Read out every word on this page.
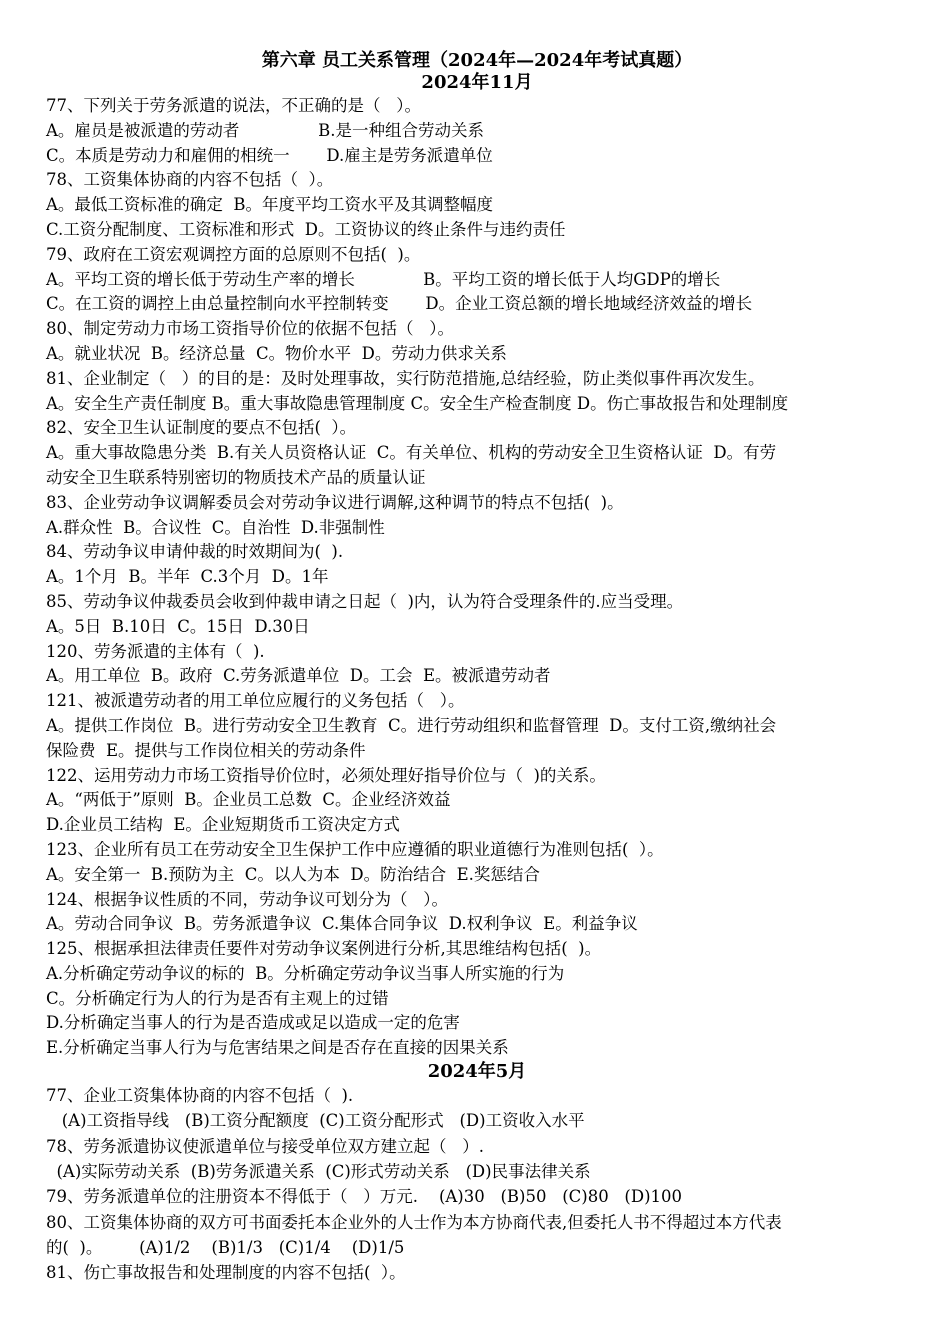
第六章 员工关系管理（2024年—2024年考试真题）
2024年11月

77、下列关于劳务派遣的说法，不正确的是（   ）。

A。雇员是被派遣的劳动者               B.是一种组合劳动关系

C。本质是劳动力和雇佣的相统一       D.雇主是劳务派遣单位

78、工资集体协商的内容不包括（  ）。

A。最低工资标准的确定  B。年度平均工资水平及其调整幅度

C.工资分配制度、工资标准和形式  D。工资协议的终止条件与违约责任

79、政府在工资宏观调控方面的总原则不包括(  )。

A。平均工资的增长低于劳动生产率的增长             B。平均工资的增长低于人均GDP的增长

C。在工资的调控上由总量控制向水平控制转变       D。企业工资总额的增长地域经济效益的增长

80、制定劳动力市场工资指导价位的依据不包括（   ）。

A。就业状况  B。经济总量  C。物价水平  D。劳动力供求关系

81、企业制定（   ）的目的是：及时处理事故，实行防范措施,总结经验，防止类似事件再次发生。

A。安全生产责任制度 B。重大事故隐患管理制度 C。安全生产检查制度 D。伤亡事故报告和处理制度

82、安全卫生认证制度的要点不包括(  ）。

A。重大事故隐患分类  B.有关人员资格认证  C。有关单位、机构的劳动安全卫生资格认证  D。有劳

动安全卫生联系特别密切的物质技术产品的质量认证

83、企业劳动争议调解委员会对劳动争议进行调解,这种调节的特点不包括(  )。

A.群众性  B。合议性  C。自治性  D.非强制性

84、劳动争议申请仲裁的时效期间为(  ).

A。1个月  B。半年  C.3个月  D。1年

85、劳动争议仲裁委员会收到仲裁申请之日起（  )内，认为符合受理条件的.应当受理。

A。5日  B.10日  C。15日  D.30日

120、劳务派遣的主体有（  ).

A。用工单位  B。政府  C.劳务派遣单位  D。工会  E。被派遣劳动者

121、被派遣劳动者的用工单位应履行的义务包括（   ）。

A。提供工作岗位  B。进行劳动安全卫生教育  C。进行劳动组织和监督管理  D。支付工资,缴纳社会

保险费  E。提供与工作岗位相关的劳动条件

122、运用劳动力市场工资指导价位时，必须处理好指导价位与（  )的关系。

A。“两低于”原则  B。企业员工总数  C。企业经济效益

D.企业员工结构  E。企业短期货币工资决定方式

123、企业所有员工在劳动安全卫生保护工作中应遵循的职业道德行为准则包括(  ）。

A。安全第一  B.预防为主  C。以人为本  D。防治结合  E.奖惩结合

124、根据争议性质的不同，劳动争议可划分为（   ）。

A。劳动合同争议  B。劳务派遣争议  C.集体合同争议  D.权利争议  E。利益争议

125、根据承担法律责任要件对劳动争议案例进行分析,其思维结构包括(  )。

A.分析确定劳动争议的标的  B。分析确定劳动争议当事人所实施的行为

C。分析确定行为人的行为是否有主观上的过错

D.分析确定当事人的行为是否造成或足以造成一定的危害

E.分析确定当事人行为与危害结果之间是否存在直接的因果关系

2024年5月

77、企业工资集体协商的内容不包括（  ).

(A)工资指导线   (B)工资分配额度  (C)工资分配形式   (D)工资收入水平

78、劳务派遣协议使派遣单位与接受单位双方建立起（   ）.

(A)实际劳动关系  (B)劳务派遣关系  (C)形式劳动关系   (D)民事法律关系

79、劳务派遣单位的注册资本不得低于（   ）万元.    (A)30   (B)50   (C)80   (D)100

80、工资集体协商的双方可书面委托本企业外的人士作为本方协商代表,但委托人书不得超过本方代表

的(  )。       (A)1/2    (B)1/3   (C)1/4    (D)1/5

81、伤亡事故报告和处理制度的内容不包括(  ）。
